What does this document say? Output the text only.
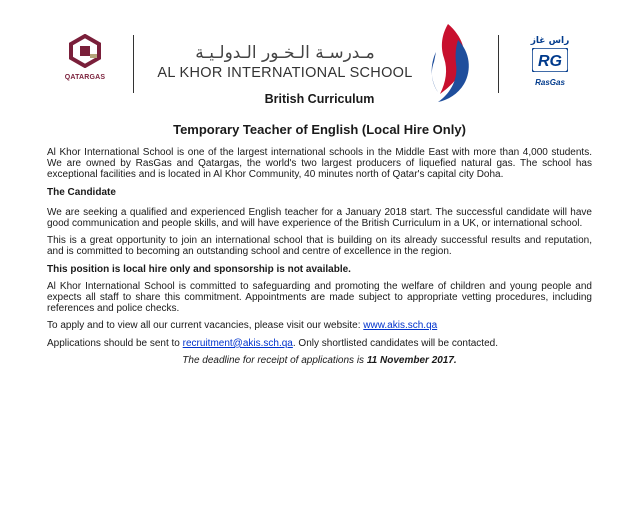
QATARGAS
مـدرسـة الـخـور الـدولـيـة
AL KHOR INTERNATIONAL SCHOOL
راس غاز
RG
RasGas

British Curriculum

Temporary Teacher of English (Local Hire Only)

Al Khor International School is one of the largest international schools in the Middle East with more than 4,000 students. We are owned by RasGas and Qatargas, the world's two largest producers of liquefied natural gas. The school has exceptional facilities and is located in Al Khor Community, 40 minutes north of Qatar's capital city Doha.

The Candidate

We are seeking a qualified and experienced English teacher for a January 2018 start. The successful candidate will have good communication and people skills, and will have experience of the British Curriculum in a UK, or international school.

This is a great opportunity to join an international school that is building on its already successful results and reputation, and is committed to becoming an outstanding school and centre of excellence in the region.

This position is local hire only and sponsorship is not available.

Al Khor International School is committed to safeguarding and promoting the welfare of children and young people and expects all staff to share this commitment. Appointments are made subject to appropriate vetting procedures, including references and police checks.

To apply and to view all our current vacancies, please visit our website: www.akis.sch.qa

Applications should be sent to recruitment@akis.sch.qa. Only shortlisted candidates will be contacted.

The deadline for receipt of applications is 11 November 2017.
